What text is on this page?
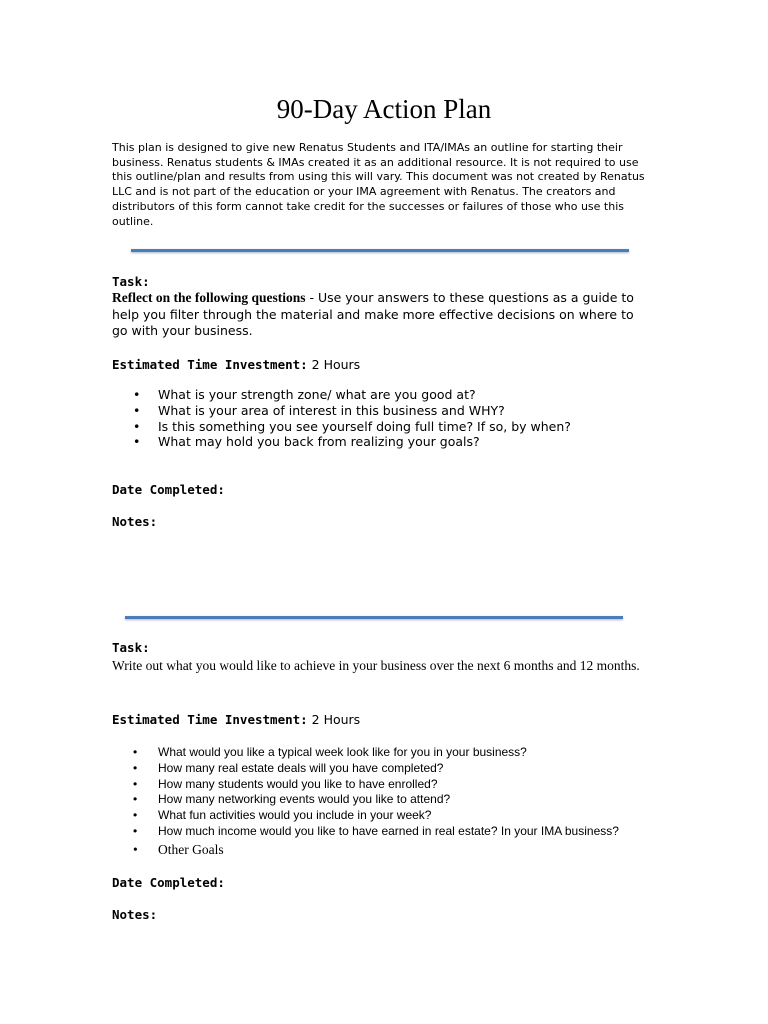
90-Day Action Plan
This plan is designed to give new Renatus Students and ITA/IMAs an outline for starting their business. Renatus students & IMAs created it as an additional resource. It is not required to use this outline/plan and results from using this will vary. This document was not created by Renatus LLC and is not part of the education or your IMA agreement with Renatus. The creators and distributors of this form cannot take credit for the successes or failures of those who use this outline.
Task:

Reflect on the following questions - Use your answers to these questions as a guide to help you filter through the material and make more effective decisions on where to go with your business.

Estimated Time Investment: 2 Hours
• What is your strength zone/ what are you good at?
• What is your area of interest in this business and WHY?
• Is this something you see yourself doing full time? If so, by when?
• What may hold you back from realizing your goals?
Date Completed:
Notes:
Task:
Write out what you would like to achieve in your business over the next 6 months and 12 months.
Estimated Time Investment: 2 Hours
• What would you like a typical week look like for you in your business?
• How many real estate deals will you have completed?
• How many students would you like to have enrolled?
• How many networking events would you like to attend?
• What fun activities would you include in your week?
• How much income would you like to have earned in real estate? In your IMA business?
• Other Goals
Date Completed:
Notes:
